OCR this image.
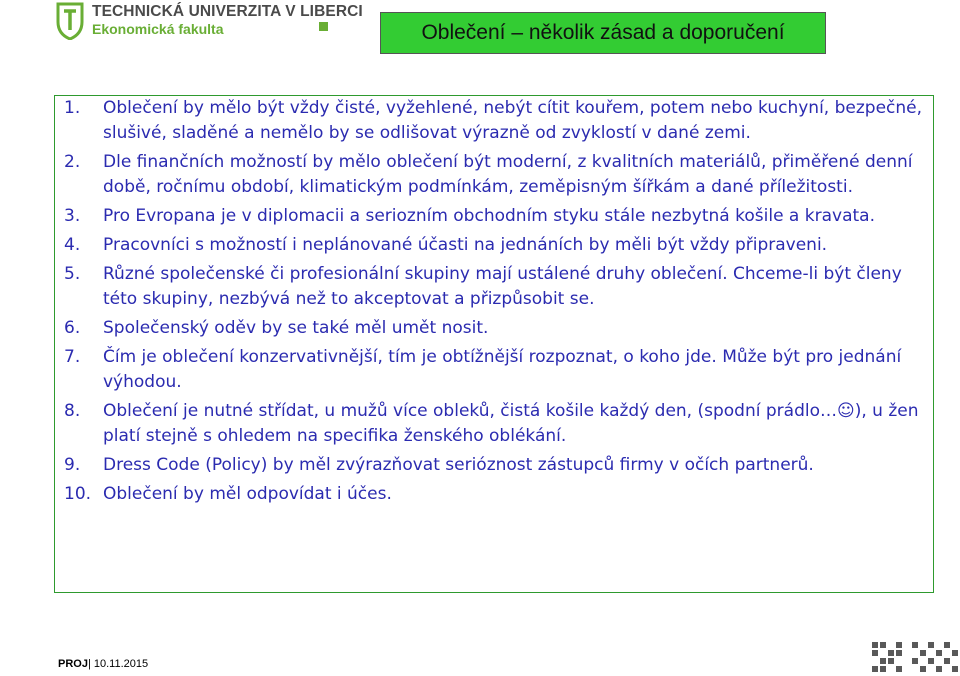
TECHNICKÁ UNIVERZITA V LIBERCI
Ekonomická fakulta	Oblečení – několik zásad a doporučení
1. Oblečení by mělo být vždy čisté, vyžehlené, nebýt cítit kouřem, potem nebo kuchyní, bezpečné, slušivé, sladěné a nemělo by se odlišovat výrazně od zvyklostí v dané zemi.
2. Dle finančních možností by mělo oblečení být moderní, z kvalitních materiálů, přiměřené denní době, ročnímu období, klimatickým podmínkám, zeměpisným šířkám a dané příležitosti.
3. Pro Evropana je v diplomacii a seriozním obchodním styku stále nezbytná košile a kravata.
4. Pracovníci s možností i neplánované účasti na jednáních by měli být vždy připraveni.
5. Různé společenské či profesionální skupiny mají ustálené druhy oblečení. Chceme-li být členy této skupiny, nezbývá než to akceptovat a přizpůsobit se.
6. Společenský oděv by se také měl umět nosit.
7. Čím je oblečení konzervativnější, tím je obtížnější rozpoznat, o koho jde. Může být pro jednání výhodou.
8. Oblečení je nutné střídat, u mužů více obleků, čistá košile každý den, (spodní prádlo…☺), u žen platí stejně s ohledem na specifika ženského oblékání.
9. Dress Code (Policy) by měl zvýrazňovat serióznost zástupců firmy v očích partnerů.
10. Oblečení by měl odpovídat i účes.
PROJ| 10.11.2015
